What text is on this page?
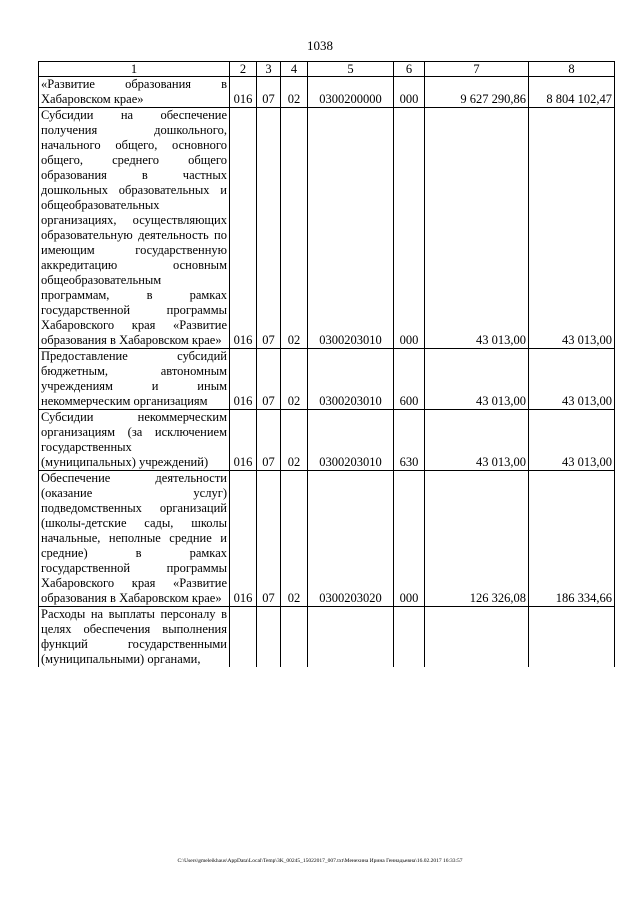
1038
1	2	3	4	5	6	7	8
«Развитие образования в Хабаровском крае»	016	07	02	0300200000	000	9 627 290,86	8 804 102,47
Субсидии на обеспечение получения дошкольного, начального общего, основного общего, среднего общего образования в частных дошкольных образовательных и общеобразовательных организациях, осуществляющих образовательную деятельность по имеющим государственную аккредитацию основным общеобразовательным программам, в рамках государственной программы Хабаровского края «Развитие образования в Хабаровском крае»	016	07	02	0300203010	000	43 013,00	43 013,00
Предоставление субсидий бюджетным, автономным учреждениям и иным некоммерческим организациям	016	07	02	0300203010	600	43 013,00	43 013,00
Субсидии некоммерческим организациям (за исключением государственных (муниципальных) учреждений)	016	07	02	0300203010	630	43 013,00	43 013,00
Обеспечение деятельности (оказание услуг) подведомственных организаций (школы-детские сады, школы начальные, неполные средние и средние) в рамках государственной программы Хабаровского края «Развитие образования в Хабаровском крае»	016	07	02	0300203020	000	126 326,08	186 334,66
Расходы на выплаты персоналу в целях обеспечения выполнения функций государственными (муниципальными) органами,							
C:\Users\gmeleikhaus\AppData\Local\Temp\3K_00245_15022017_007.txt\Менехина Ирина Геннадьевна\16.02.2017 16:33:57
